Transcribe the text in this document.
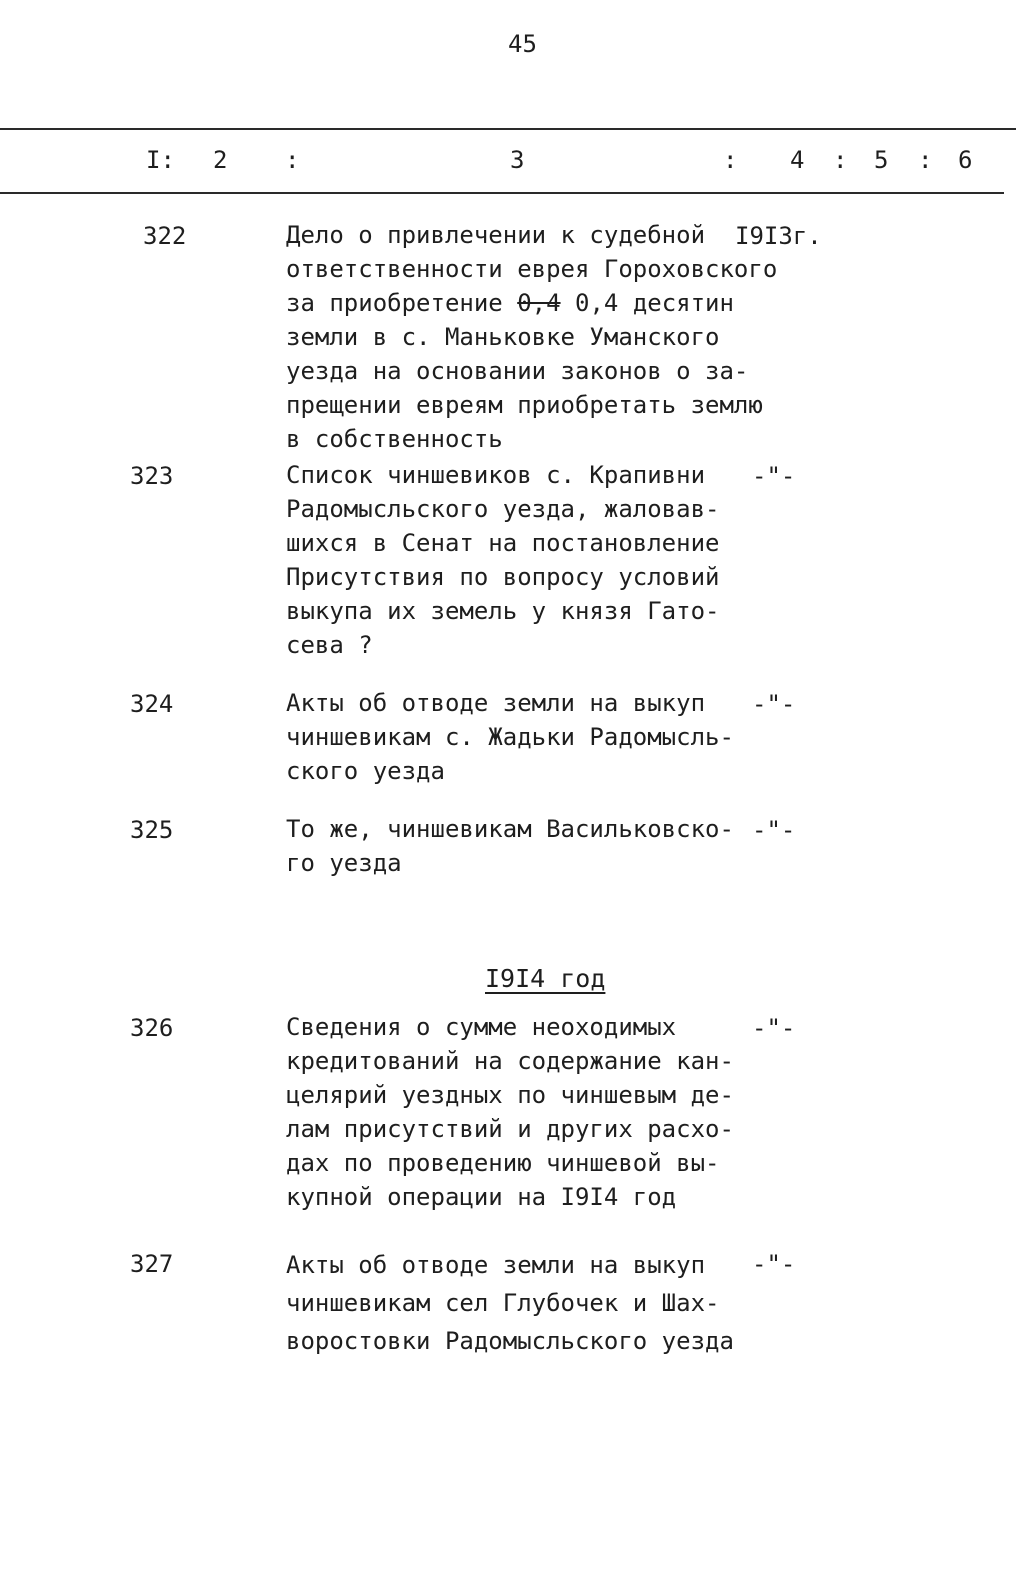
45
I: 2 :	3	: 4 : 5 : 6
322	Дело о привлечении к судебной
ответственности еврея Гороховского
за приобретение 0,4 0,4 десятин
земли в с. Маньковке Уманского
уезда на основании законов о за-
прещении евреям приобретать землю
в собственность
I9I3г.
323	Список чиншевиков с. Крапивни
Радомысльского уезда, жаловав-
шихся в Сенат на постановление
Присутствия по вопросу условий
выкупа их земель у князя Гато-
сева ?
-"-
324	Акты об отводе земли на выкуп
чиншевикам с. Жадьки Радомысль-
ского уезда
-"-
325	То же, чиншевикам Васильковско-
го уезда
-"-
I9I4 год
326	Сведения о сумме неоходимых
кредитований на содержание кан-
целярий уездных по чиншевым де-
лам присутствий и других расхо-
дах по проведению чиншевой вы-
купной операции на I9I4 год
-"-
327	Акты об отводе земли на выкуп
чиншевикам сел Глубочек и Шах-
воростовки Радомысльского уезда
-"-
